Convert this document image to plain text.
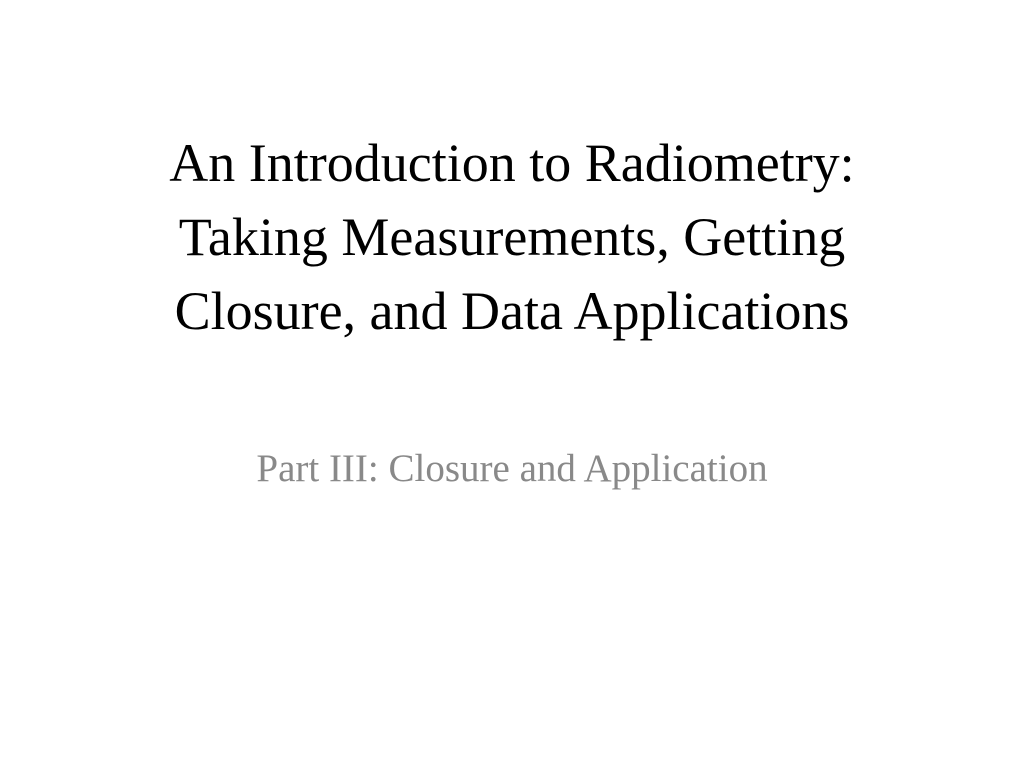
An Introduction to Radiometry:
Taking Measurements, Getting
Closure, and Data Applications
Part III: Closure and Application
